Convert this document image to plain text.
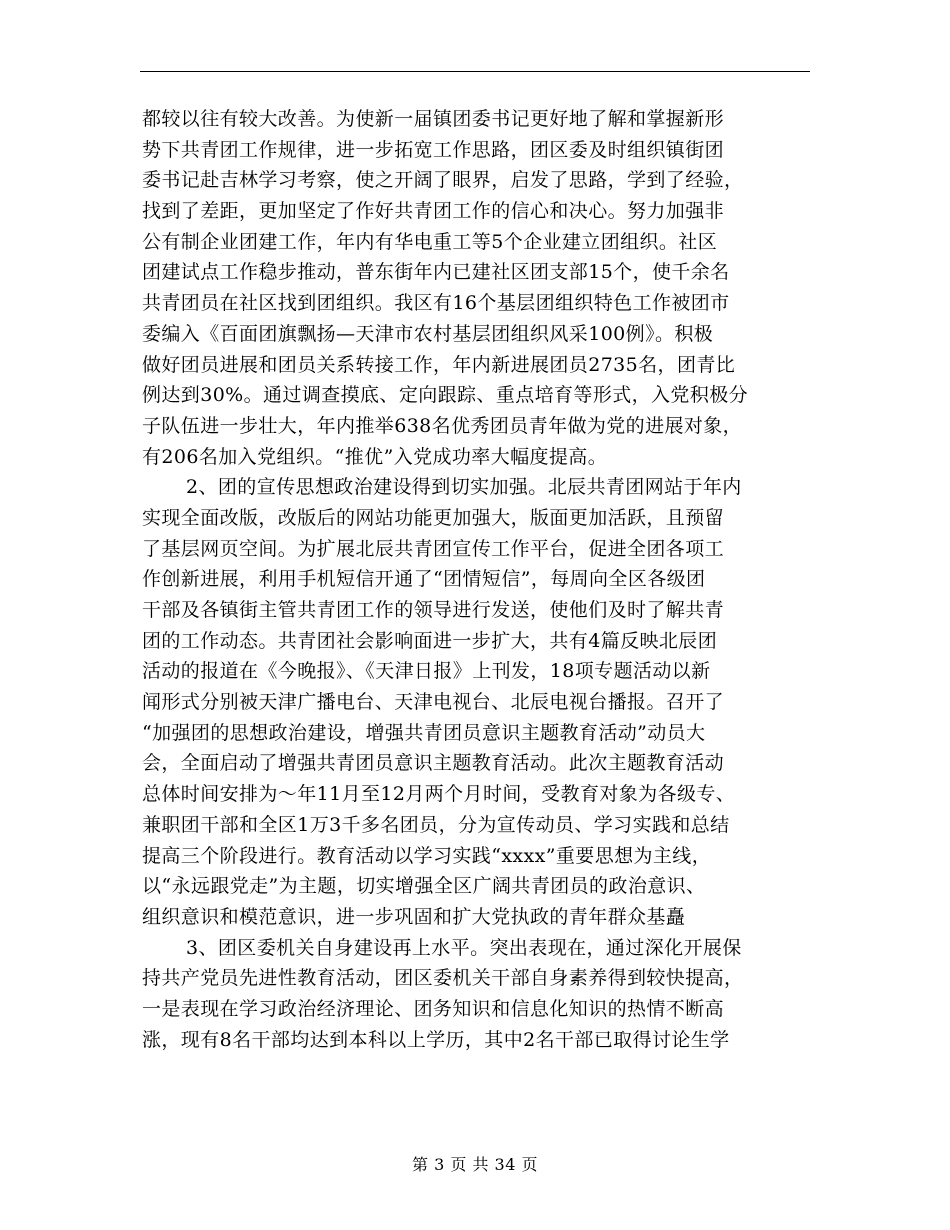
都较以往有较大改善。为使新一届镇团委书记更好地了解和掌握新形
势下共青团工作规律，进一步拓宽工作思路，团区委及时组织镇街团
委书记赴吉林学习考察，使之开阔了眼界，启发了思路，学到了经验，
找到了差距，更加坚定了作好共青团工作的信心和决心。努力加强非
公有制企业团建工作，年内有华电重工等5个企业建立团组织。社区
团建试点工作稳步推动，普东街年内已建社区团支部15个，使千余名
共青团员在社区找到团组织。我区有16个基层团组织特色工作被团市
委编入《百面团旗飘扬—天津市农村基层团组织风采100例》。积极
做好团员进展和团员关系转接工作，年内新进展团员2735名，团青比
例达到30%。通过调查摸底、定向跟踪、重点培育等形式，入党积极分
子队伍进一步壮大，年内推举638名优秀团员青年做为党的进展对象，
有206名加入党组织。“推优”入党成功率大幅度提高。
2、团的宣传思想政治建设得到切实加强。北辰共青团网站于年内
实现全面改版，改版后的网站功能更加强大，版面更加活跃，且预留
了基层网页空间。为扩展北辰共青团宣传工作平台，促进全团各项工
作创新进展，利用手机短信开通了“团情短信”，每周向全区各级团
干部及各镇街主管共青团工作的领导进行发送，使他们及时了解共青
团的工作动态。共青团社会影响面进一步扩大，共有4篇反映北辰团
活动的报道在《今晚报》、《天津日报》上刊发，18项专题活动以新
闻形式分别被天津广播电台、天津电视台、北辰电视台播报。召开了
“加强团的思想政治建设，增强共青团员意识主题教育活动”动员大
会，全面启动了增强共青团员意识主题教育活动。此次主题教育活动
总体时间安排为～年11月至12月两个月时间，受教育对象为各级专、
兼职团干部和全区1万3千多名团员，分为宣传动员、学习实践和总结
提高三个阶段进行。教育活动以学习实践“xxxx”重要思想为主线，
以“永远跟党走”为主题，切实增强全区广阔共青团员的政治意识、
组织意识和模范意识，进一步巩固和扩大党执政的青年群众基矗
3、团区委机关自身建设再上水平。突出表现在，通过深化开展保
持共产党员先进性教育活动，团区委机关干部自身素养得到较快提高，
一是表现在学习政治经济理论、团务知识和信息化知识的热情不断高
涨，现有8名干部均达到本科以上学历，其中2名干部已取得讨论生学
第 3 页 共 34 页
